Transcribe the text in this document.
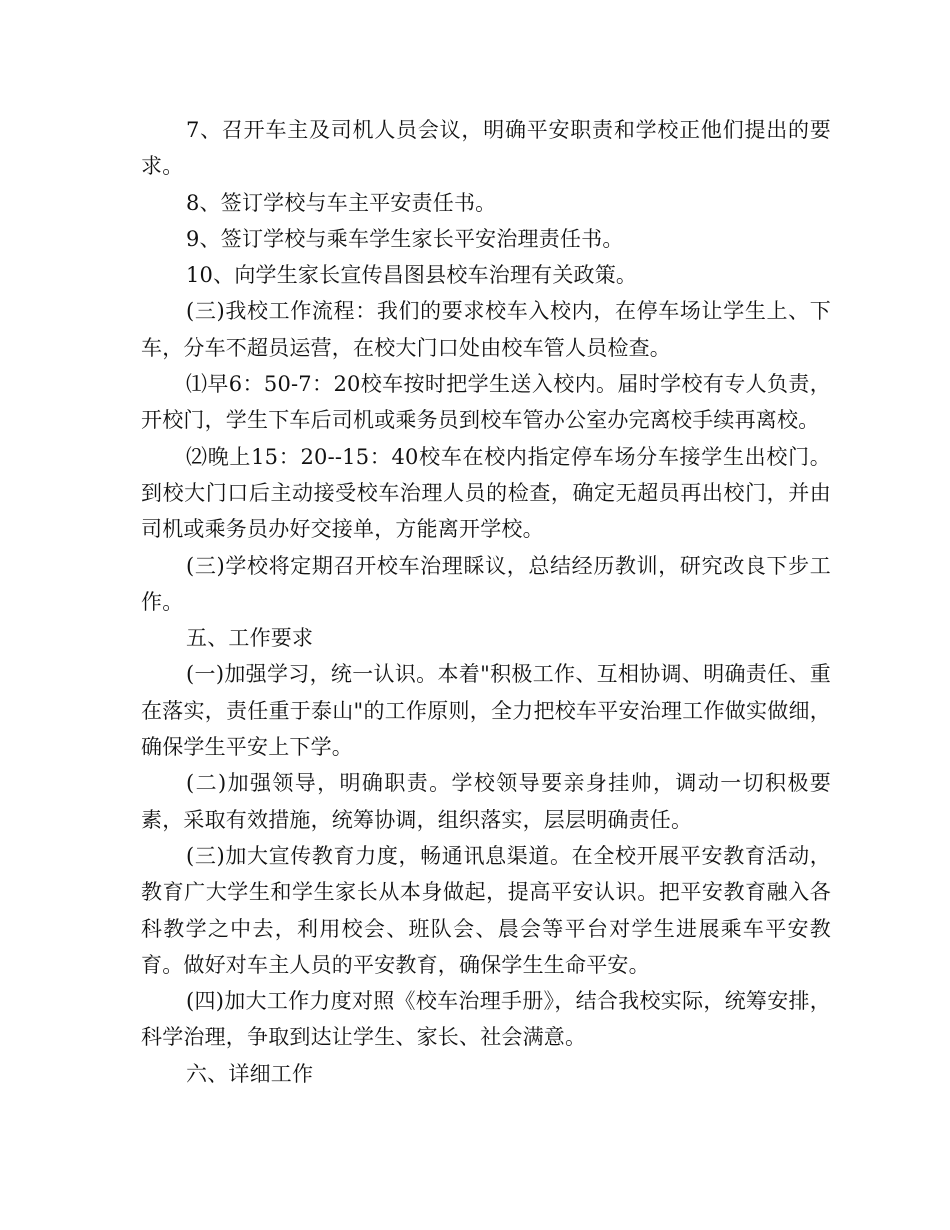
7、召开车主及司机人员会议，明确平安职责和学校正他们提出的要求。

8、签订学校与车主平安责任书。

9、签订学校与乘车学生家长平安治理责任书。

10、向学生家长宣传昌图县校车治理有关政策。

(三)我校工作流程：我们的要求校车入校内，在停车场让学生上、下车，分车不超员运营，在校大门口处由校车管人员检查。

⑴早6：50-7：20校车按时把学生送入校内。届时学校有专人负责，开校门，学生下车后司机或乘务员到校车管办公室办完离校手续再离校。

⑵晚上15：20--15：40校车在校内指定停车场分车接学生出校门。到校大门口后主动接受校车治理人员的检查，确定无超员再出校门，并由司机或乘务员办好交接单，方能离开学校。

(三)学校将定期召开校车治理睬议，总结经历教训，研究改良下步工作。

五、工作要求

(一)加强学习，统一认识。本着"积极工作、互相协调、明确责任、重在落实，责任重于泰山"的工作原则，全力把校车平安治理工作做实做细，确保学生平安上下学。

(二)加强领导，明确职责。学校领导要亲身挂帅，调动一切积极要素，采取有效措施，统筹协调，组织落实，层层明确责任。

(三)加大宣传教育力度，畅通讯息渠道。在全校开展平安教育活动，教育广大学生和学生家长从本身做起，提高平安认识。把平安教育融入各科教学之中去，利用校会、班队会、晨会等平台对学生进展乘车平安教育。做好对车主人员的平安教育，确保学生生命平安。

(四)加大工作力度对照《校车治理手册》，结合我校实际，统筹安排，科学治理，争取到达让学生、家长、社会满意。

六、详细工作
